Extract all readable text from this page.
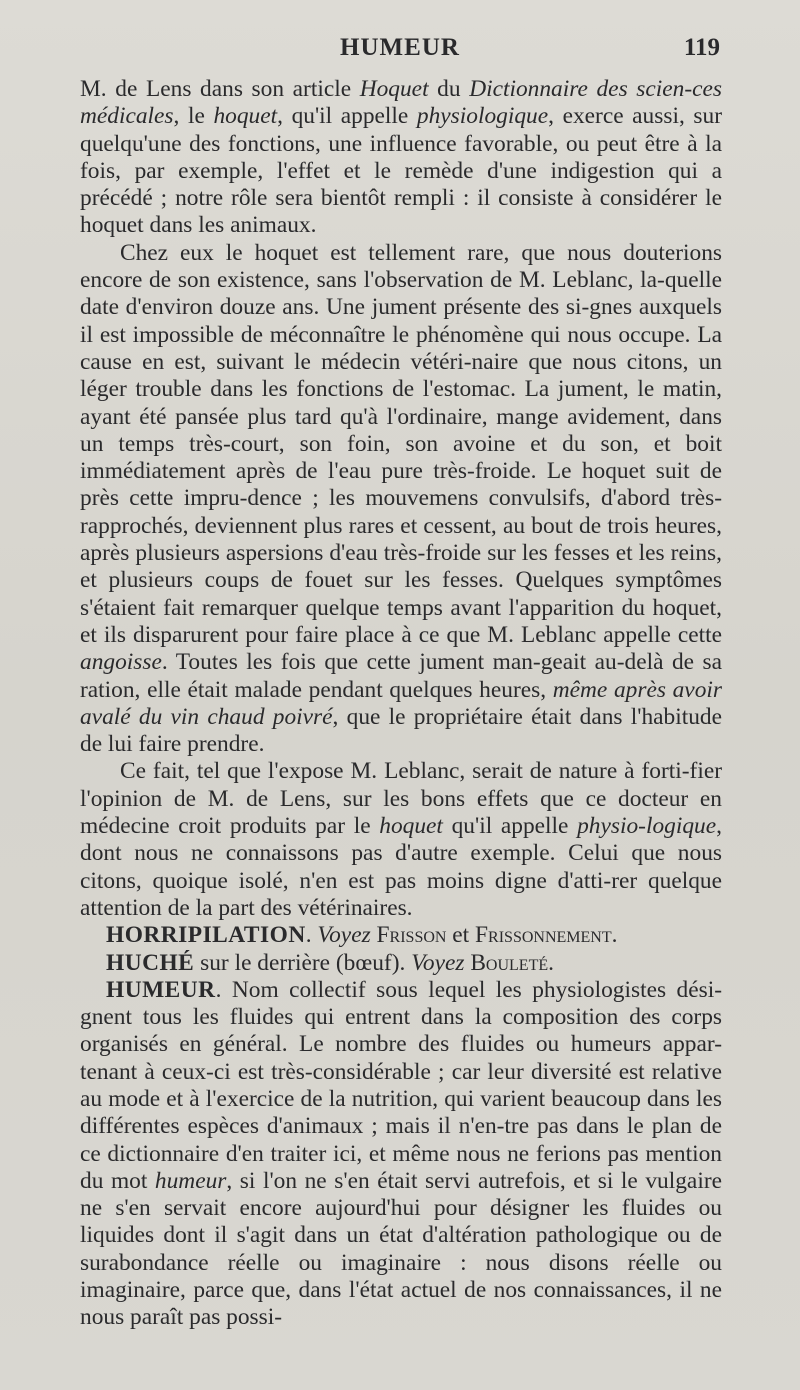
HUMEUR	119

M. de Lens dans son article Hoquet du Dictionnaire des scien-ces médicales, le hoquet, qu'il appelle physiologique, exerce aussi, sur quelqu'une des fonctions, une influence favorable, ou peut être à la fois, par exemple, l'effet et le remède d'une indigestion qui a précédé ; notre rôle sera bientôt rempli : il consiste à considérer le hoquet dans les animaux.

Chez eux le hoquet est tellement rare, que nous douterions encore de son existence, sans l'observation de M. Leblanc, la-quelle date d'environ douze ans. Une jument présente des si-gnes auxquels il est impossible de méconnaître le phénomène qui nous occupe. La cause en est, suivant le médecin vétéri-naire que nous citons, un léger trouble dans les fonctions de l'estomac. La jument, le matin, ayant été pansée plus tard qu'à l'ordinaire, mange avidement, dans un temps très-court, son foin, son avoine et du son, et boit immédiatement après de l'eau pure très-froide. Le hoquet suit de près cette impru-dence ; les mouvemens convulsifs, d'abord très-rapprochés, deviennent plus rares et cessent, au bout de trois heures, après plusieurs aspersions d'eau très-froide sur les fesses et les reins, et plusieurs coups de fouet sur les fesses. Quelques symptômes s'étaient fait remarquer quelque temps avant l'apparition du hoquet, et ils disparurent pour faire place à ce que M. Leblanc appelle cette angoisse. Toutes les fois que cette jument man-geait au-delà de sa ration, elle était malade pendant quelques heures, même après avoir avalé du vin chaud poivré, que le propriétaire était dans l'habitude de lui faire prendre.

Ce fait, tel que l'expose M. Leblanc, serait de nature à forti-fier l'opinion de M. de Lens, sur les bons effets que ce docteur en médecine croit produits par le hoquet qu'il appelle physio-logique, dont nous ne connaissons pas d'autre exemple. Celui que nous citons, quoique isolé, n'en est pas moins digne d'atti-rer quelque attention de la part des vétérinaires.

HORRIPILATION. Voyez Frisson et Frissonnement.

HUCHÉ sur le derrière (bœuf). Voyez Bouleté.

HUMEUR. Nom collectif sous lequel les physiologistes dési-gnent tous les fluides qui entrent dans la composition des corps organisés en général. Le nombre des fluides ou humeurs appar-tenant à ceux-ci est très-considérable ; car leur diversité est relative au mode et à l'exercice de la nutrition, qui varient beaucoup dans les différentes espèces d'animaux ; mais il n'en-tre pas dans le plan de ce dictionnaire d'en traiter ici, et même nous ne ferions pas mention du mot humeur, si l'on ne s'en était servi autrefois, et si le vulgaire ne s'en servait encore aujourd'hui pour désigner les fluides ou liquides dont il s'agit dans un état d'altération pathologique ou de surabondance réelle ou imaginaire : nous disons réelle ou imaginaire, parce que, dans l'état actuel de nos connaissances, il ne nous paraît pas possi-
